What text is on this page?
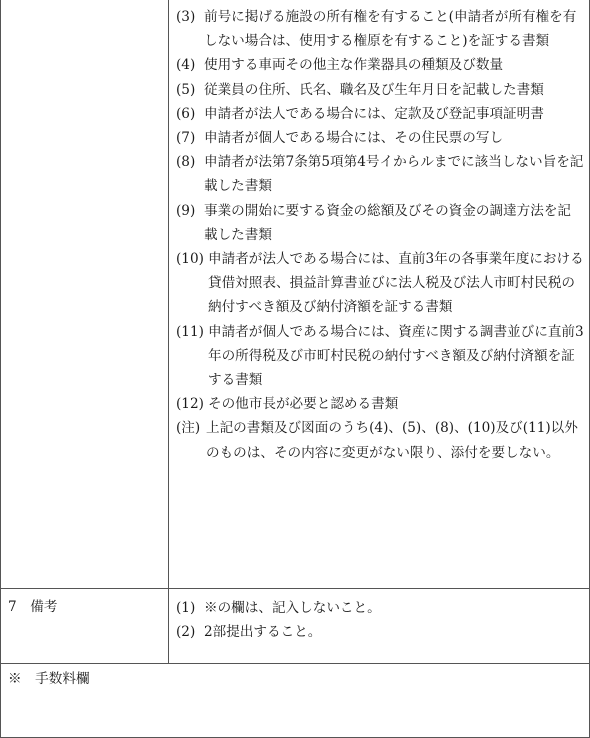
(3) 前号に掲げる施設の所有権を有すること(申請者が所有権を有しない場合は、使用する権原を有すること)を証する書類
(4) 使用する車両その他主な作業器具の種類及び数量
(5) 従業員の住所、氏名、職名及び生年月日を記載した書類
(6) 申請者が法人である場合には、定款及び登記事項証明書
(7) 申請者が個人である場合には、その住民票の写し
(8) 申請者が法第7条第5項第4号イからルまでに該当しない旨を記載した書類
(9) 事業の開始に要する資金の総額及びその資金の調達方法を記載した書類
(10) 申請者が法人である場合には、直前3年の各事業年度における貸借対照表、損益計算書並びに法人税及び法人市町村民税の納付すべき額及び納付済額を証する書類
(11) 申請者が個人である場合には、資産に関する調書並びに直前3年の所得税及び市町村民税の納付すべき額及び納付済額を証する書類
(12) その他市長が必要と認める書類
(注) 上記の書類及び図面のうち(4)、(5)、(8)、(10)及び(11)以外のものは、その内容に変更がない限り、添付を要しない。
7　備考	(1) ※の欄は、記入しないこと。
(2) 2部提出すること。
※　手数料欄
